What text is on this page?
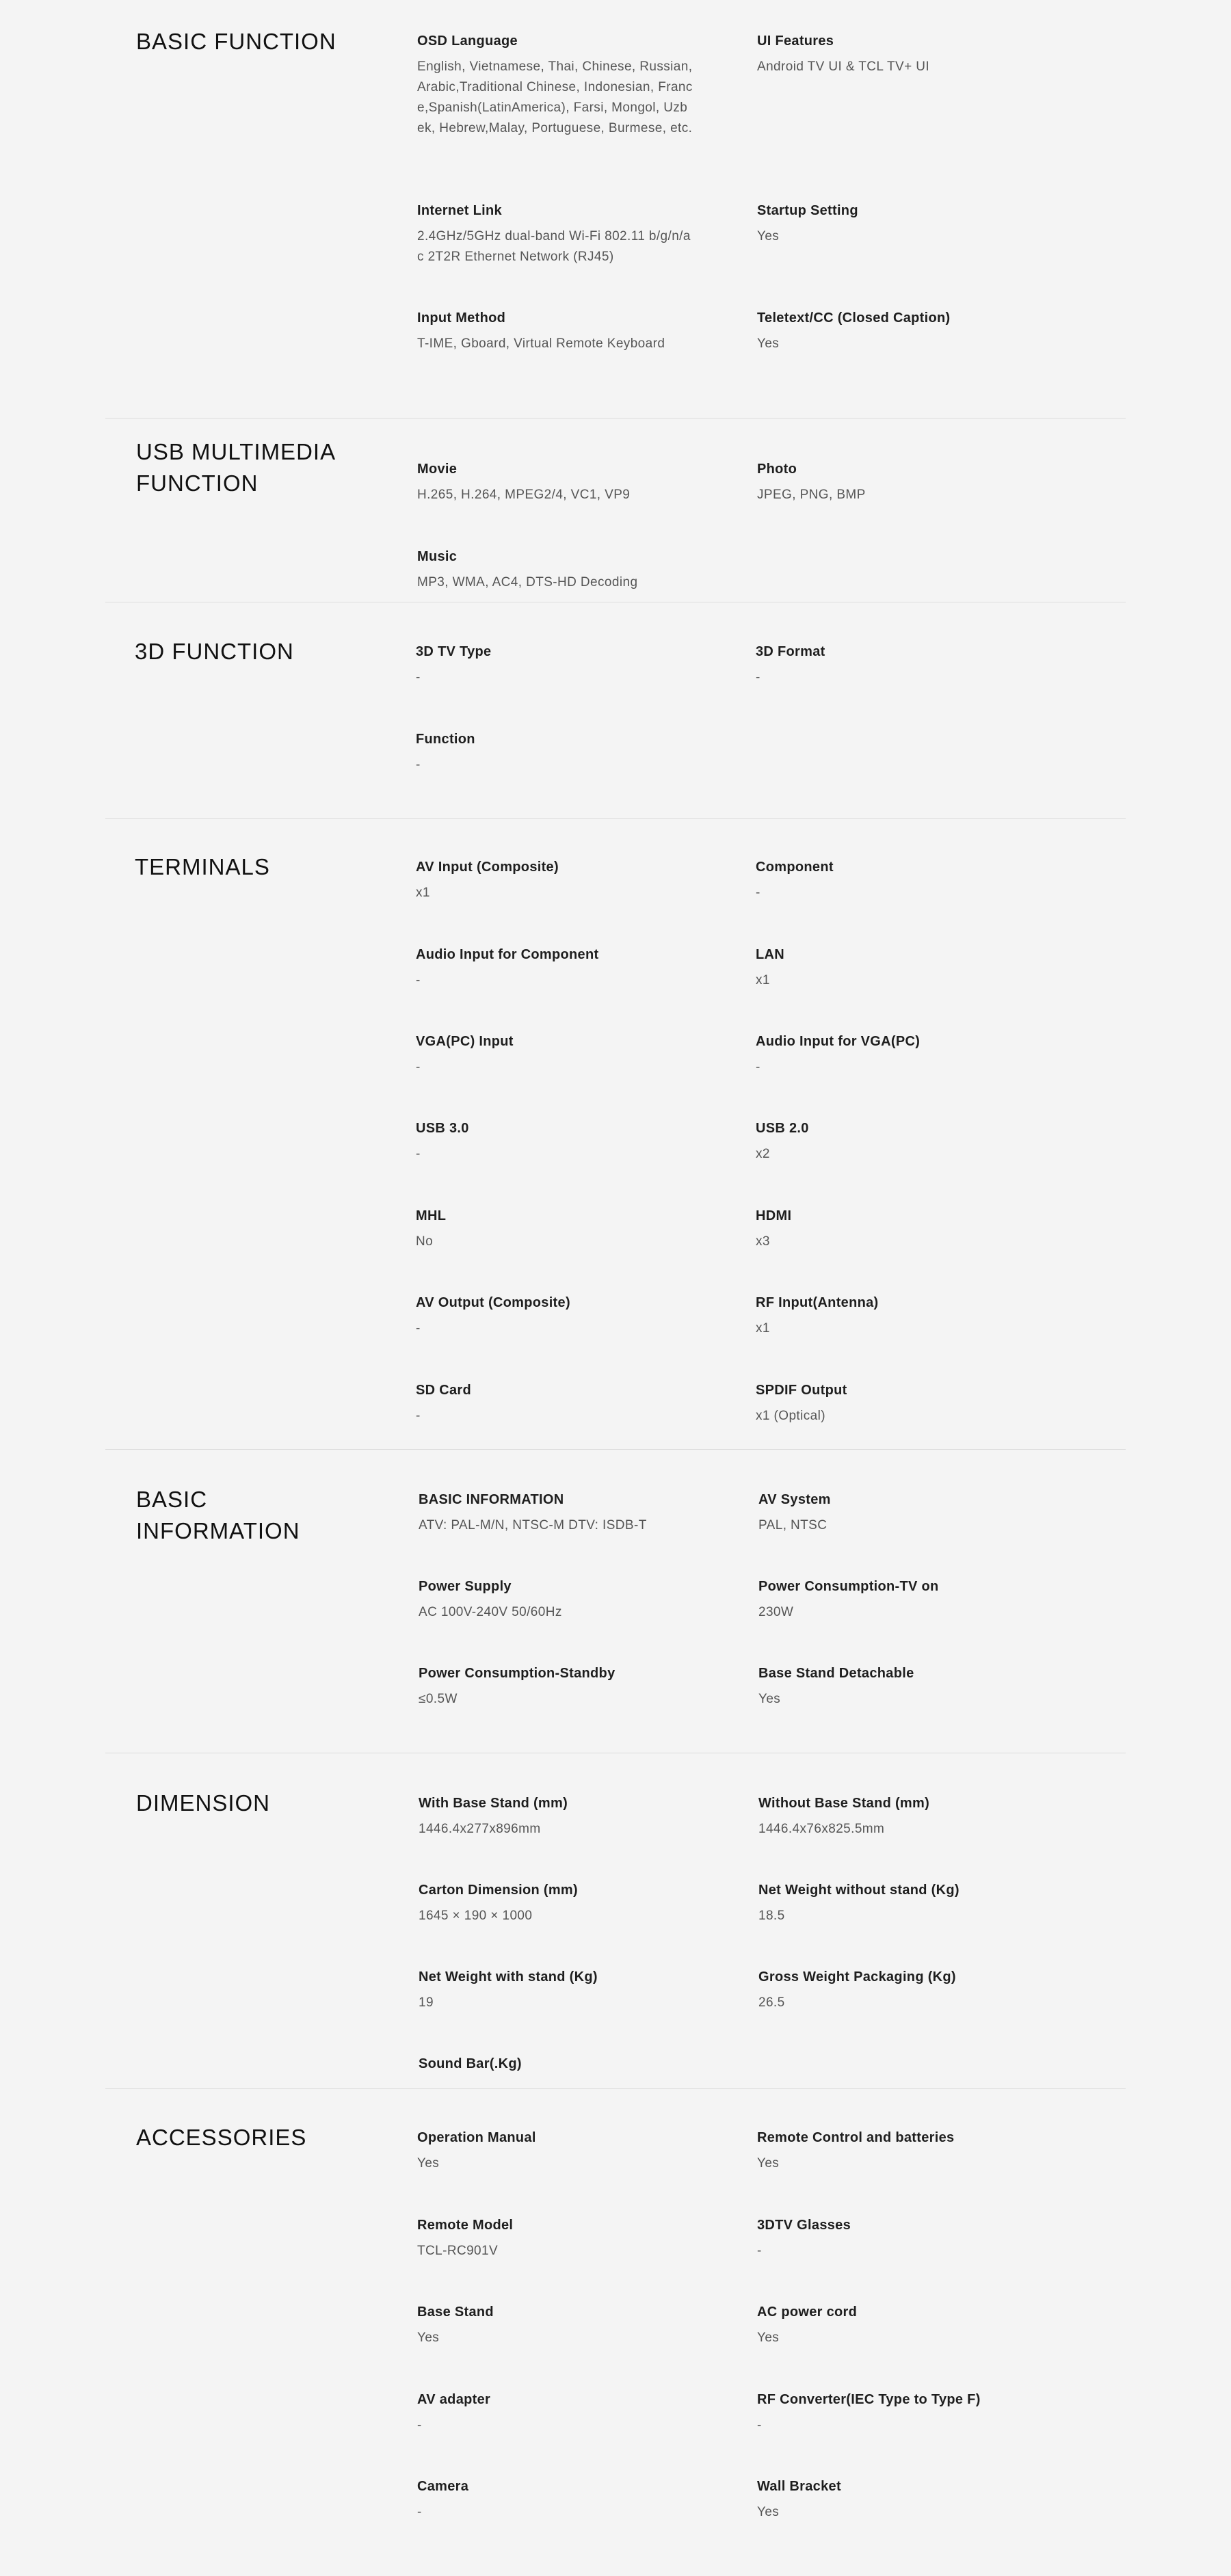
BASIC FUNCTION	OSD Language
English, Vietnamese, Thai, Chinese, Russian, Arabic,Traditional Chinese, Indonesian, France,Spanish(LatinAmerica), Farsi, Mongol, Uzbek, Hebrew,Malay, Portuguese, Burmese, etc.
UI Features
Android TV UI & TCL TV+ UI
Internet Link
2.4GHz/5GHz dual-band Wi-Fi 802.11 b/g/n/ac 2T2R Ethernet Network (RJ45)
Startup Setting
Yes
Input Method
T-IME, Gboard, Virtual Remote Keyboard
Teletext/CC (Closed Caption)
Yes
USB MULTIMEDIA FUNCTION
Movie
H.265, H.264, MPEG2/4, VC1, VP9
Photo
JPEG, PNG, BMP
Music
MP3, WMA, AC4, DTS-HD Decoding
3D FUNCTION	3D TV Type
-
3D Format
-
Function
-
TERMINALS	AV Input (Composite)
x1
Component
-
Audio Input for Component
-
LAN
x1
VGA(PC) Input
-
Audio Input for VGA(PC)
-
USB 3.0
-
USB 2.0
x2
MHL
No
HDMI
x3
AV Output (Composite)
-
RF Input(Antenna)
x1
SD Card
-
SPDIF Output
x1 (Optical)
BASIC INFORMATION
BASIC INFORMATION
ATV: PAL-M/N, NTSC-M DTV: ISDB-T
AV System
PAL, NTSC
Power Supply
AC 100V-240V 50/60Hz
Power Consumption-TV on
230W
Power Consumption-Standby
≤0.5W
Base Stand Detachable
Yes
DIMENSION	With Base Stand (mm)
1446.4x277x896mm
Without Base Stand (mm)
1446.4x76x825.5mm
Carton Dimension (mm)
1645 × 190 × 1000
Net Weight without stand (Kg)
18.5
Net Weight with stand (Kg)
19
Gross Weight Packaging (Kg)
26.5
Sound Bar(.Kg)
ACCESSORIES	Operation Manual
Yes
Remote Control and batteries
Yes
Remote Model
TCL-RC901V
3DTV Glasses
-
Base Stand
Yes
AC power cord
Yes
AV adapter
-
RF Converter(IEC Type to Type F)
-
Camera
-
Wall Bracket
Yes
